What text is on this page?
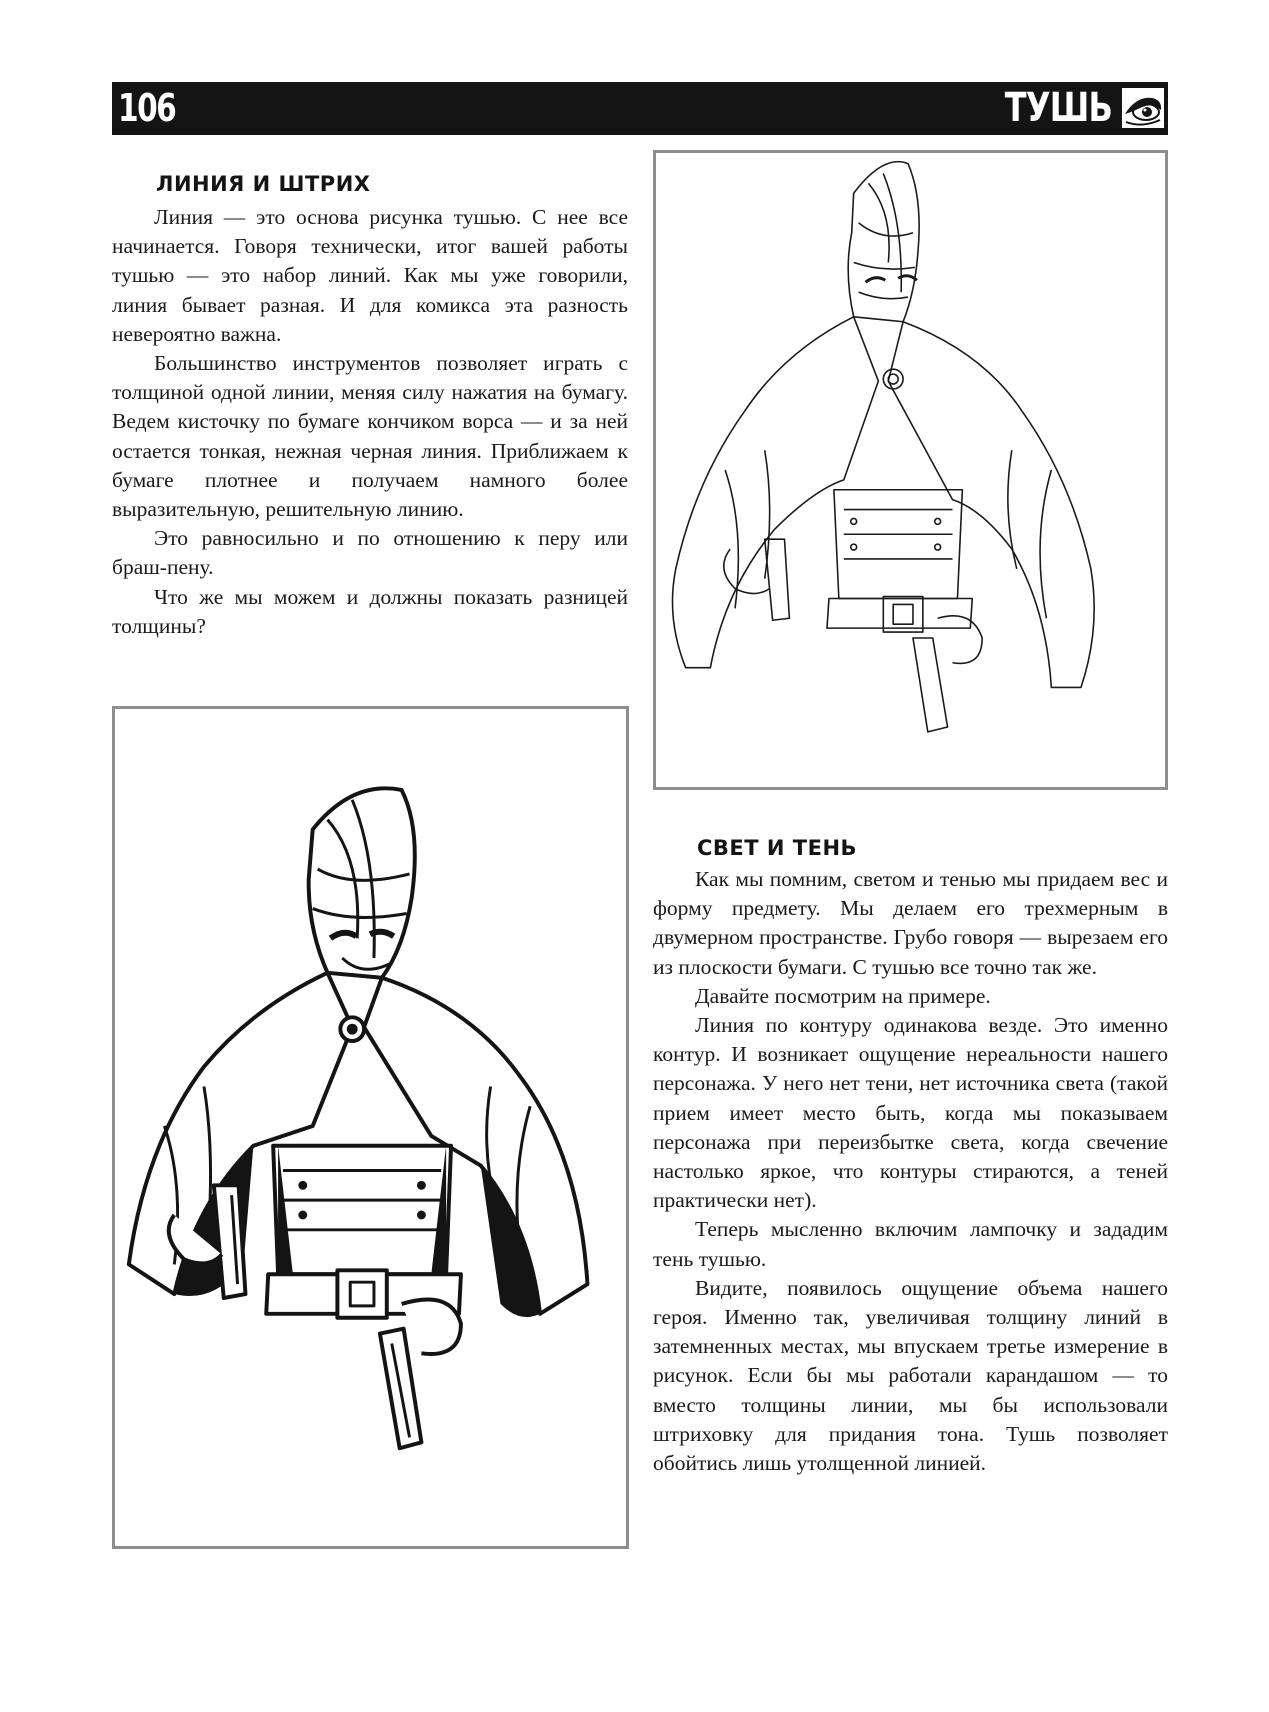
106	ТУШЬ
ЛИНИЯ И ШТРИХ

Линия — это основа рисунка тушью. С нее все начинается. Говоря технически, итог вашей работы тушью — это набор линий. Как мы уже говорили, линия бывает разная. И для комикса эта разность невероятно важна.

Большинство инструментов позволяет играть с толщиной одной линии, меняя силу нажатия на бумагу. Ведем кисточку по бумаге кончиком ворса — и за ней остается тонкая, нежная черная линия. Приближаем к бумаге плотнее и получаем намного более выразительную, решительную линию.

Это равносильно и по отношению к перу или браш-пену.

Что же мы можем и должны показать разницей толщины?

СВЕТ И ТЕНЬ

Как мы помним, светом и тенью мы придаем вес и форму предмету. Мы делаем его трехмерным в двумерном пространстве. Грубо говоря — вырезаем его из плоскости бумаги. С тушью все точно так же.

Давайте посмотрим на примере.

Линия по контуру одинакова везде. Это именно контур. И возникает ощущение нереальности нашего персонажа. У него нет тени, нет источника света (такой прием имеет место быть, когда мы показываем персонажа при переизбытке света, когда свечение настолько яркое, что контуры стираются, а теней практически нет).

Теперь мысленно включим лампочку и зададим тень тушью.

Видите, появилось ощущение объема нашего героя. Именно так, увеличивая толщину линий в затемненных местах, мы впускаем третье измерение в рисунок. Если бы мы работали карандашом — то вместо толщины линии, мы бы использовали штриховку для придания тона. Тушь позволяет обойтись лишь утолщенной линией.
